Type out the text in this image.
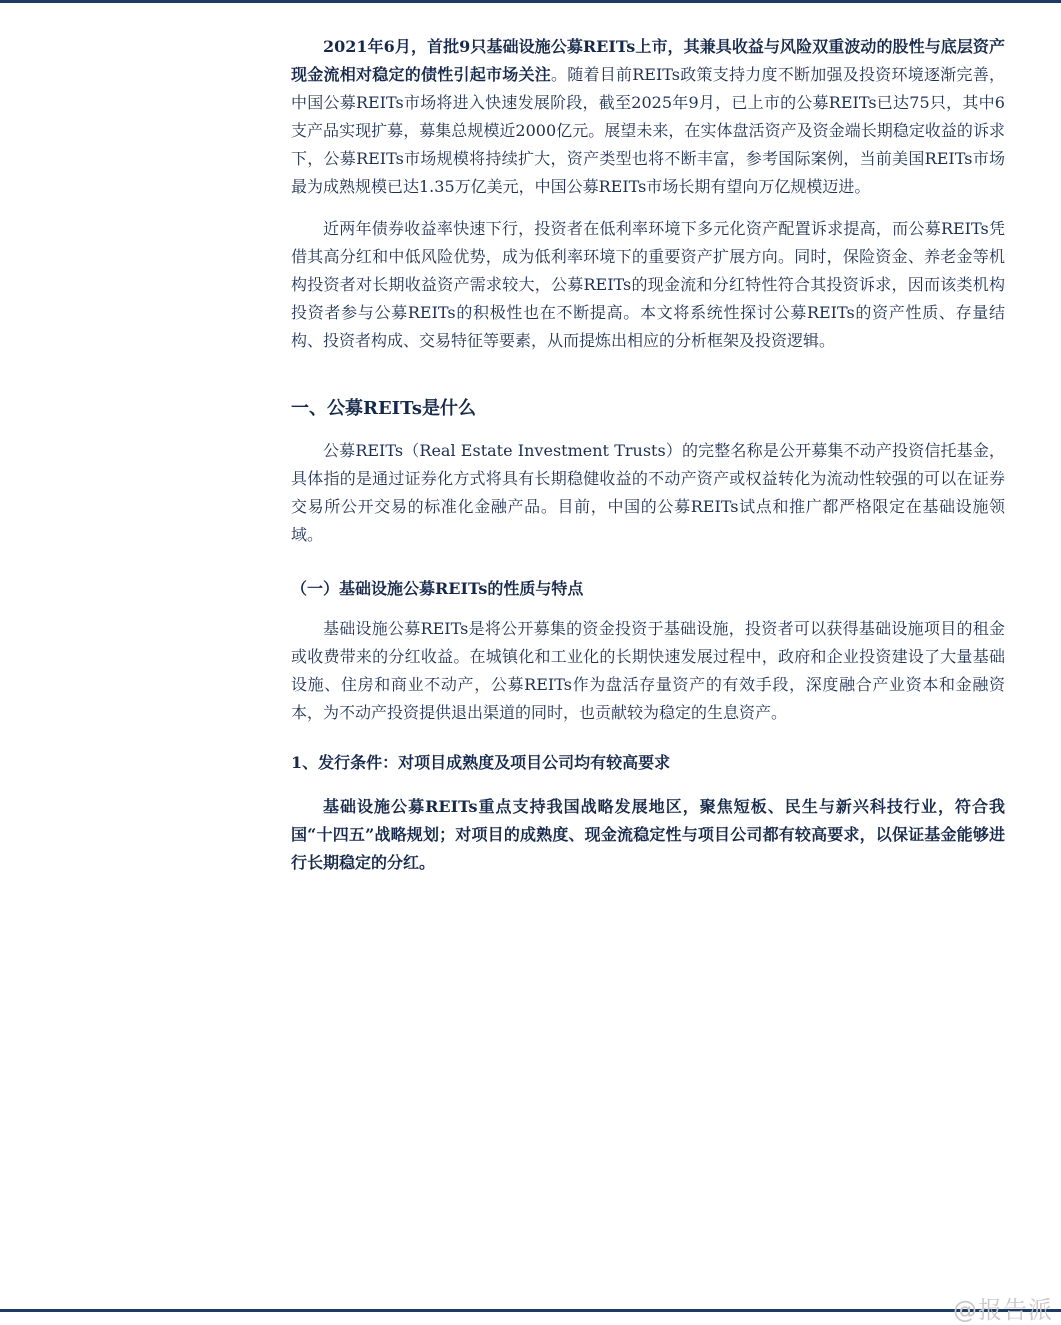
2021年6月，首批9只基础设施公募REITs上市，其兼具收益与风险双重波动的股性与底层资产现金流相对稳定的债性引起市场关注。随着目前REITs政策支持力度不断加强及投资环境逐渐完善，中国公募REITs市场将进入快速发展阶段，截至2025年9月，已上市的公募REITs已达75只，其中6支产品实现扩募，募集总规模近2000亿元。展望未来，在实体盘活资产及资金端长期稳定收益的诉求下，公募REITs市场规模将持续扩大，资产类型也将不断丰富，参考国际案例，当前美国REITs市场最为成熟规模已达1.35万亿美元，中国公募REITs市场长期有望向万亿规模迈进。

近两年债券收益率快速下行，投资者在低利率环境下多元化资产配置诉求提高，而公募REITs凭借其高分红和中低风险优势，成为低利率环境下的重要资产扩展方向。同时，保险资金、养老金等机构投资者对长期收益资产需求较大，公募REITs的现金流和分红特性符合其投资诉求，因而该类机构投资者参与公募REITs的积极性也在不断提高。本文将系统性探讨公募REITs的资产性质、存量结构、投资者构成、交易特征等要素，从而提炼出相应的分析框架及投资逻辑。

一、公募REITs是什么

公募REITs（Real Estate Investment Trusts）的完整名称是公开募集不动产投资信托基金，具体指的是通过证券化方式将具有长期稳健收益的不动产资产或权益转化为流动性较强的可以在证券交易所公开交易的标准化金融产品。目前，中国的公募REITs试点和推广都严格限定在基础设施领域。

（一）基础设施公募REITs的性质与特点

基础设施公募REITs是将公开募集的资金投资于基础设施，投资者可以获得基础设施项目的租金或收费带来的分红收益。在城镇化和工业化的长期快速发展过程中，政府和企业投资建设了大量基础设施、住房和商业不动产，公募REITs作为盘活存量资产的有效手段，深度融合产业资本和金融资本，为不动产投资提供退出渠道的同时，也贡献较为稳定的生息资产。

1、发行条件：对项目成熟度及项目公司均有较高要求

基础设施公募REITs重点支持我国战略发展地区，聚焦短板、民生与新兴科技行业，符合我国“十四五”战略规划；对项目的成熟度、现金流稳定性与项目公司都有较高要求，以保证基金能够进行长期稳定的分红。

@报告派
